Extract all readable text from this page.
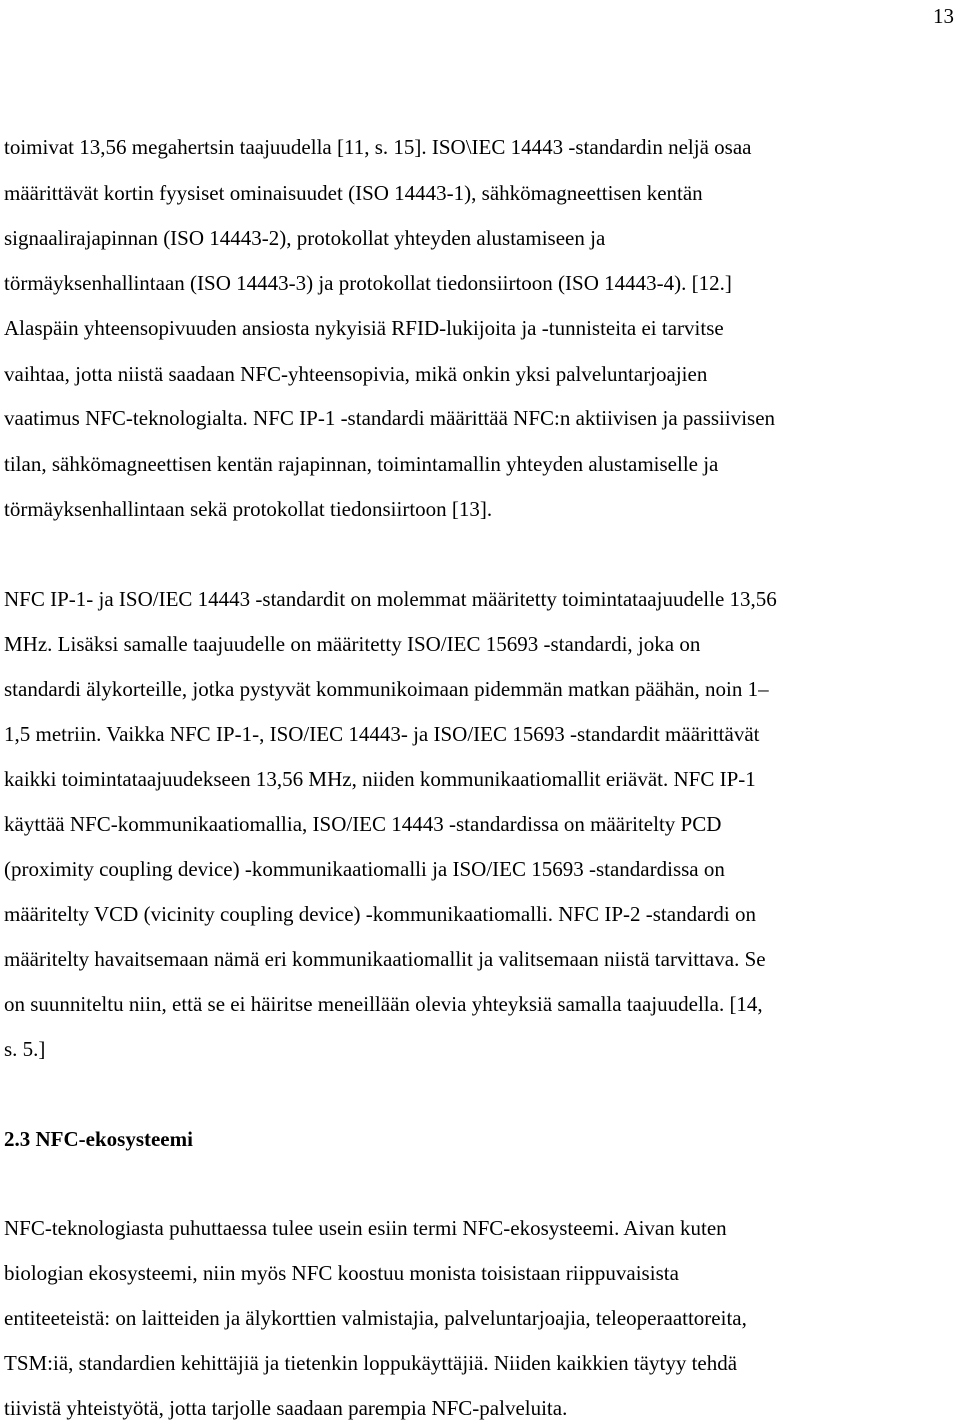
13
toimivat 13,56 megahertsin taajuudella [11, s. 15]. ISO\IEC 14443 -standardin neljä osaa
määrittävät kortin fyysiset ominaisuudet (ISO 14443-1), sähkömagneettisen kentän
signaalirajapinnan (ISO 14443-2), protokollat yhteyden alustamiseen ja
törmäyksenhallintaan (ISO 14443-3) ja protokollat tiedonsiirtoon (ISO 14443-4). [12.]
Alaspäin yhteensopivuuden ansiosta nykyisiä RFID-lukijoita ja -tunnisteita ei tarvitse
vaihtaa, jotta niistä saadaan NFC-yhteensopivia, mikä onkin yksi palveluntarjoajien
vaatimus NFC-teknologialta. NFC IP-1 -standardi määrittää NFC:n aktiivisen ja passiivisen
tilan, sähkömagneettisen kentän rajapinnan, toimintamallin yhteyden alustamiselle ja
törmäyksenhallintaan sekä protokollat tiedonsiirtoon [13].
NFC IP-1- ja ISO/IEC 14443 -standardit on molemmat määritetty toimintataajuudelle 13,56
MHz. Lisäksi samalle taajuudelle on määritetty ISO/IEC 15693 -standardi, joka on
standardi älykorteille, jotka pystyvät kommunikoimaan pidemmän matkan päähän, noin 1–
1,5 metriin. Vaikka NFC IP-1-, ISO/IEC 14443- ja ISO/IEC 15693 -standardit määrittävät
kaikki toimintataajuudekseen 13,56 MHz, niiden kommunikaatiomallit eriävät. NFC IP-1
käyttää NFC-kommunikaatiomallia, ISO/IEC 14443 -standardissa on määritelty PCD
(proximity coupling device) -kommunikaatiomalli ja ISO/IEC 15693 -standardissa on
määritelty VCD (vicinity coupling device) -kommunikaatiomalli. NFC IP-2 -standardi on
määritelty havaitsemaan nämä eri kommunikaatiomallit ja valitsemaan niistä tarvittava. Se
on suunniteltu niin, että se ei häiritse meneillään olevia yhteyksiä samalla taajuudella. [14,
s. 5.]
2.3 NFC-ekosysteemi
NFC-teknologiasta puhuttaessa tulee usein esiin termi NFC-ekosysteemi. Aivan kuten
biologian ekosysteemi, niin myös NFC koostuu monista toisistaan riippuvaisista
entiteeteistä: on laitteiden ja älykorttien valmistajia, palveluntarjoajia, teleoperaattoreita,
TSM:iä, standardien kehittäjiä ja tietenkin loppukäyttäjiä. Niiden kaikkien täytyy tehdä
tiivistä yhteistyötä, jotta tarjolle saadaan parempia NFC-palveluita.
